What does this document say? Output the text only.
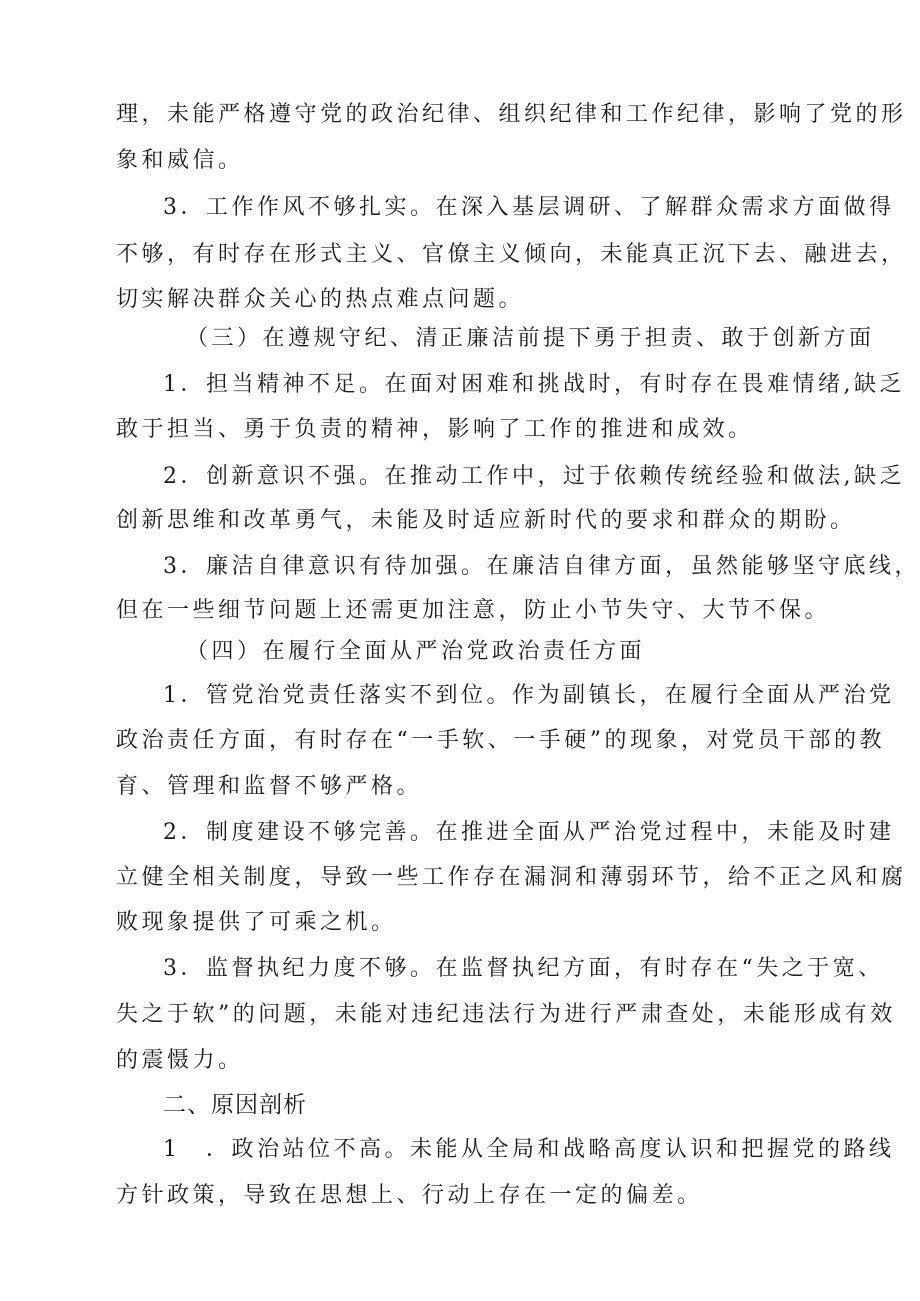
理，未能严格遵守党的政治纪律、组织纪律和工作纪律，影响了党的形
象和威信。
3．工作作风不够扎实。在深入基层调研、了解群众需求方面做得
不够，有时存在形式主义、官僚主义倾向，未能真正沉下去、融进去，
切实解决群众关心的热点难点问题。
（三）在遵规守纪、清正廉洁前提下勇于担责、敢于创新方面
1．担当精神不足。在面对困难和挑战时，有时存在畏难情绪,缺乏
敢于担当、勇于负责的精神，影响了工作的推进和成效。
2．创新意识不强。在推动工作中，过于依赖传统经验和做法,缺乏
创新思维和改革勇气，未能及时适应新时代的要求和群众的期盼。
3．廉洁自律意识有待加强。在廉洁自律方面，虽然能够坚守底线，
但在一些细节问题上还需更加注意，防止小节失守、大节不保。
（四）在履行全面从严治党政治责任方面
1．管党治党责任落实不到位。作为副镇长，在履行全面从严治党
政治责任方面，有时存在“一手软、一手硬”的现象，对党员干部的教
育、管理和监督不够严格。
2．制度建设不够完善。在推进全面从严治党过程中，未能及时建
立健全相关制度，导致一些工作存在漏洞和薄弱环节，给不正之风和腐
败现象提供了可乘之机。
3．监督执纪力度不够。在监督执纪方面，有时存在“失之于宽、
失之于软”的问题，未能对违纪违法行为进行严肃查处，未能形成有效
的震慑力。
二、原因剖析
1　．政治站位不高。未能从全局和战略高度认识和把握党的路线
方针政策，导致在思想上、行动上存在一定的偏差。
